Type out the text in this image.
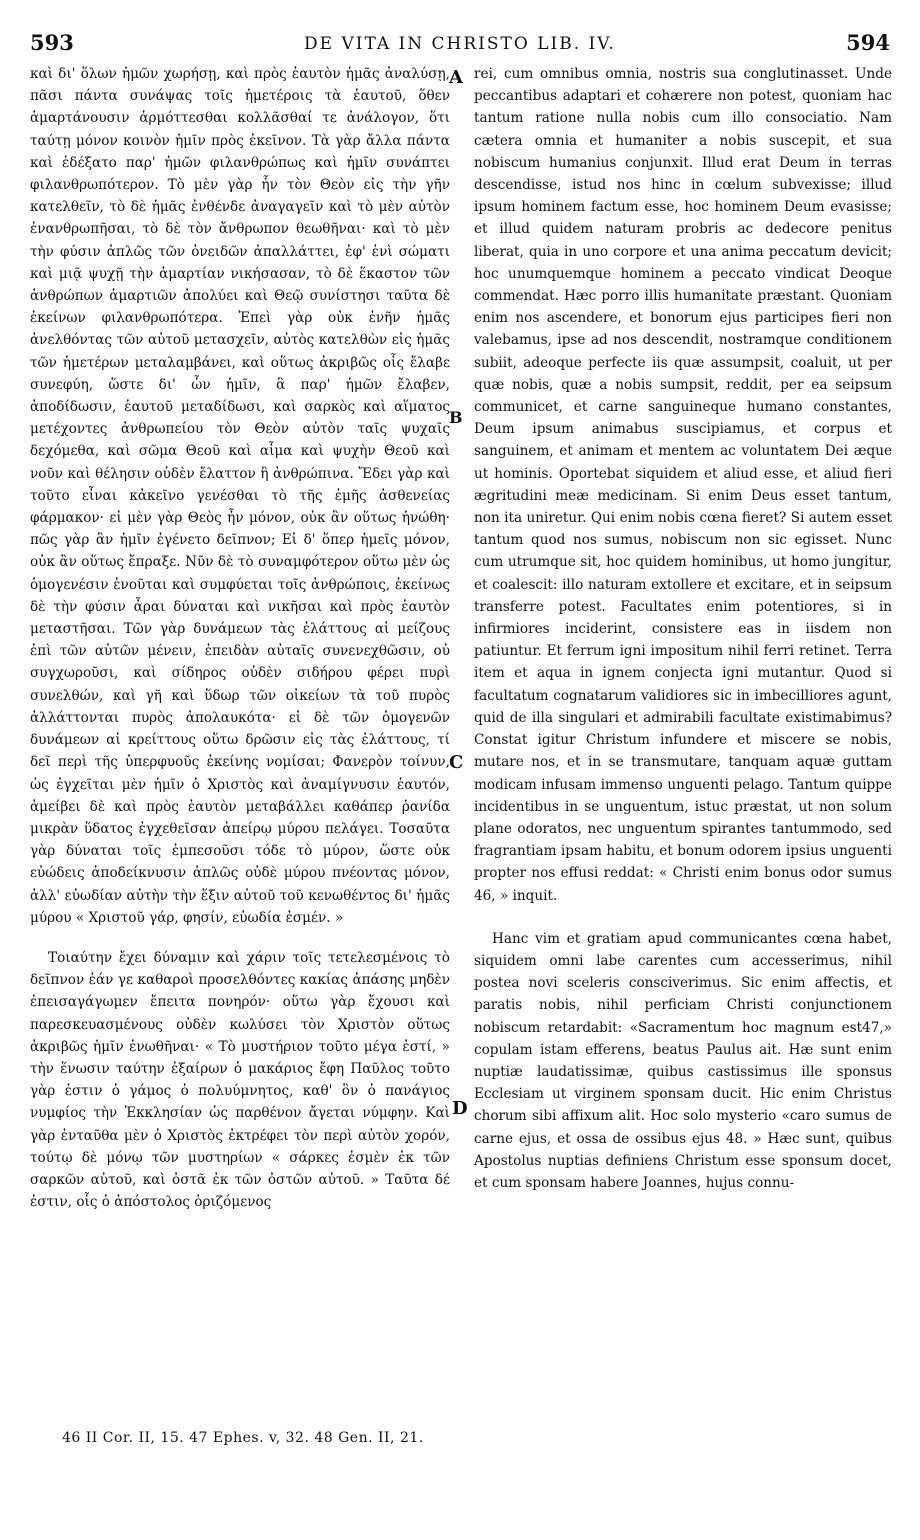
593	DE VITA IN CHRISTO LIB. IV.	594

καὶ δι' ὅλων ἡμῶν χωρήσῃ, καὶ πρὸς ἑαυτὸν ἡμᾶς ἀναλύσῃ, πᾶσι πάντα συνάψας τοῖς ἡμετέροις τὰ ἑαυτοῦ, ὅθεν ἁμαρτάνουσιν ἁρμόττεσθαι κολλᾶσθαί τε ἀνάλογον, ὅτι ταύτῃ μόνον κοινὸν ἡμῖν πρὸς ἐκεῖνον. Τὰ γὰρ ἄλλα πάντα καὶ ἐδέξατο παρ' ἡμῶν φιλανθρώπως καὶ ἡμῖν συνάπτει φιλανθρωπότερον. Τὸ μὲν γὰρ ἦν τὸν Θεὸν εἰς τὴν γῆν κατελθεῖν, τὸ δὲ ἡμᾶς ἐνθένδε ἀναγαγεῖν καὶ τὸ μὲν αὐτὸν ἐνανθρωπῆσαι, τὸ δὲ τὸν ἄνθρωπον θεωθῆναι· καὶ τὸ μὲν τὴν φύσιν ἁπλῶς τῶν ὀνειδῶν ἀπαλλάττει, ἐφ' ἑνὶ σώματι καὶ μιᾷ ψυχῇ τὴν ἁμαρτίαν νικήσασαν, τὸ δὲ ἕκαστον τῶν ἀνθρώπων ἁμαρτιῶν ἀπολύει καὶ Θεῷ συνίστησι ταῦτα δὲ ἐκείνων φιλανθρωπότερα. Ἐπεὶ γὰρ οὐκ ἐνῆν ἡμᾶς ἀνελθόντας τῶν αὐτοῦ μετασχεῖν, αὐτὸς κατελθὼν εἰς ἡμᾶς τῶν ἡμετέρων μεταλαμβάνει, καὶ οὕτως ἀκριβῶς οἷς ἔλαβε συνεφύη, ὥστε δι' ὧν ἡμῖν, ἃ παρ' ἡμῶν ἔλαβεν, ἀποδίδωσιν, ἑαυτοῦ μεταδίδωσι, καὶ σαρκὸς καὶ αἵματος μετέχοντες ἀνθρωπείου τὸν Θεὸν αὐτὸν ταῖς ψυχαῖς δεχόμεθα, καὶ σῶμα Θεοῦ καὶ αἷμα καὶ ψυχὴν Θεοῦ καὶ νοῦν καὶ θέλησιν οὐδὲν ἔλαττον ἢ ἀνθρώπινα. Ἔδει γὰρ καὶ τοῦτο εἶναι κἀκεῖνο γενέσθαι τὸ τῆς ἐμῆς ἀσθενείας φάρμακον· εἰ μὲν γὰρ Θεὸς ἦν μόνον, οὐκ ἂν οὕτως ἡνώθη· πῶς γὰρ ἂν ἡμῖν ἐγένετο δεῖπνον; Εἰ δ' ὅπερ ἡμεῖς μόνον, οὐκ ἂν οὕτως ἔπραξε. Νῦν δὲ τὸ συναμφότερον οὕτω μὲν ὡς ὁμογενέσιν ἑνοῦται καὶ συμφύεται τοῖς ἀνθρώποις, ἐκείνως δὲ τὴν φύσιν ἆραι δύναται καὶ νικῆσαι καὶ πρὸς ἑαυτὸν μεταστῆσαι. Τῶν γὰρ δυνάμεων τὰς ἐλάττους αἱ μείζους ἐπὶ τῶν αὐτῶν μένειν, ἐπειδὰν αὐταῖς συνενεχθῶσιν, οὐ συγχωροῦσι, καὶ σίδηρος οὐδὲν σιδήρου φέρει πυρὶ συνελθών, καὶ γῆ καὶ ὕδωρ τῶν οἰκείων τὰ τοῦ πυρὸς ἀλλάττονται πυρὸς ἀπολαυκότα· εἰ δὲ τῶν ὁμογενῶν δυνάμεων αἱ κρείττους οὕτω δρῶσιν εἰς τὰς ἐλάττους, τί δεῖ περὶ τῆς ὑπερφυοῦς ἐκείνης νομίσαι; Φανερὸν τοίνυν, ὡς ἐγχεῖται μὲν ἡμῖν ὁ Χριστὸς καὶ ἀναμίγνυσιν ἑαυτόν, ἀμείβει δὲ καὶ πρὸς ἑαυτὸν μεταβάλλει καθάπερ ῥανίδα μικρὰν ὕδατος ἐγχεθεῖσαν ἀπείρῳ μύρου πελάγει. Τοσαῦτα γὰρ δύναται τοῖς ἐμπεσοῦσι τόδε τὸ μύρον, ὥστε οὐκ εὐώδεις ἀποδείκνυσιν ἁπλῶς οὐδὲ μύρου πνέοντας μόνον, ἀλλ' εὐωδίαν αὐτὴν τὴν ἕξιν αὐτοῦ τοῦ κενωθέντος δι' ἡμᾶς μύρου « Χριστοῦ γάρ, φησίν, εὐωδία ἐσμέν. »

Τοιαύτην ἔχει δύναμιν καὶ χάριν τοῖς τετελεσμένοις τὸ δεῖπνον ἐάν γε καθαροὶ προσελθόντες κακίας ἁπάσης μηδὲν ἐπεισαγάγωμεν ἔπειτα πονηρόν· οὕτω γὰρ ἔχουσι καὶ παρεσκευασμένους οὐδὲν κωλύσει τὸν Χριστὸν οὕτως ἀκριβῶς ἡμῖν ἑνωθῆναι· « Τὸ μυστήριον τοῦτο μέγα ἐστί, » τὴν ἕνωσιν ταύτην ἐξαίρων ὁ μακάριος ἔφη Παῦλος τοῦτο γὰρ ἐστιν ὁ γάμος ὁ πολυύμνητος, καθ' ὃν ὁ πανάγιος νυμφίος τὴν Ἐκκλησίαν ὡς παρθένον ἄγεται νύμφην. Καὶ γὰρ ἐνταῦθα μὲν ὁ Χριστὸς ἐκτρέφει τὸν περὶ αὐτὸν χορόν, τούτῳ δὲ μόνῳ τῶν μυστηρίων « σάρκες ἐσμὲν ἐκ τῶν σαρκῶν αὐτοῦ, καὶ ὀστᾶ ἐκ τῶν ὀστῶν αὐτοῦ. » Ταῦτα δέ ἐστιν, οἷς ὁ ἀπόστολος ὁριζόμενος

A
B
C
D

rei, cum omnibus omnia, nostris sua conglutinasset. Unde peccantibus adaptari et cohærere non potest, quoniam hac tantum ratione nulla nobis cum illo consociatio. Nam cætera omnia et humaniter a nobis suscepit, et sua nobiscum humanius conjunxit. Illud erat Deum in terras descendisse, istud nos hinc in cœlum subvexisse; illud ipsum hominem factum esse, hoc hominem Deum evasisse; et illud quidem naturam probris ac dedecore penitus liberat, quia in uno corpore et una anima peccatum devicit; hoc unumquemque hominem a peccato vindicat Deoque commendat. Hæc porro illis humanitate præstant. Quoniam enim nos ascendere, et bonorum ejus participes fieri non valebamus, ipse ad nos descendit, nostramque conditionem subiit, adeoque perfecte iis quæ assumpsit, coaluit, ut per quæ nobis, quæ a nobis sumpsit, reddit, per ea seipsum communicet, et carne sanguineque humano constantes, Deum ipsum animabus suscipiamus, et corpus et sanguinem, et animam et mentem ac voluntatem Dei æque ut hominis. Oportebat siquidem et aliud esse, et aliud fieri ægritudini meæ medicinam. Si enim Deus esset tantum, non ita uniretur. Qui enim nobis cœna fieret? Si autem esset tantum quod nos sumus, nobiscum non sic egisset. Nunc cum utrumque sit, hoc quidem hominibus, ut homo jungitur, et coalescit: illo naturam extollere et excitare, et in seipsum transferre potest. Facultates enim potentiores, si in infirmiores inciderint, consistere eas in iisdem non patiuntur. Et ferrum igni impositum nihil ferri retinet. Terra item et aqua in ignem conjecta igni mutantur. Quod si facultatum cognatarum validiores sic in imbecilliores agunt, quid de illa singulari et admirabili facultate existimabimus? Constat igitur Christum infundere et miscere se nobis, mutare nos, et in se transmutare, tanquam aquæ guttam modicam infusam immenso unguenti pelago. Tantum quippe incidentibus in se unguentum, istuc præstat, ut non solum plane odoratos, nec unguentum spirantes tantummodo, sed fragrantiam ipsam habitu, et bonum odorem ipsius unguenti propter nos effusi reddat: « Christi enim bonus odor sumus 46, » inquit.

Hanc vim et gratiam apud communicantes cœna habet, siquidem omni labe carentes cum accesserimus, nihil postea novi sceleris consciverimus. Sic enim affectis, et paratis nobis, nihil perficiam Christi conjunctionem nobiscum retardabit: «Sacramentum hoc magnum est47,» copulam istam efferens, beatus Paulus ait. Hæ sunt enim nuptiæ laudatissimæ, quibus castissimus ille sponsus Ecclesiam ut virginem sponsam ducit. Hic enim Christus chorum sibi affixum alit. Hoc solo mysterio «caro sumus de carne ejus, et ossa de ossibus ejus 48. » Hæc sunt, quibus Apostolus nuptias definiens Christum esse sponsum docet, et cum sponsam habere Joannes, hujus connu-

46 II Cor. II, 15. 47 Ephes. v, 32. 48 Gen. II, 21.
